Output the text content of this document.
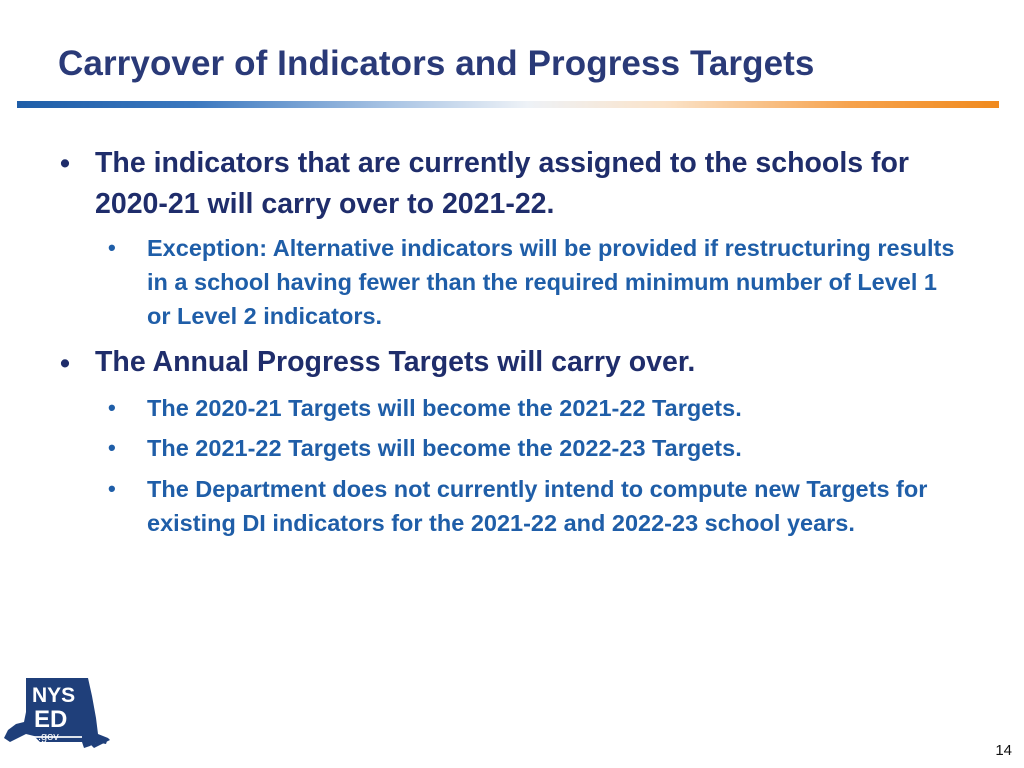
Carryover of Indicators and Progress Targets
• The indicators that are currently assigned to the schools for 2020-21 will carry over to 2021-22.

• Exception: Alternative indicators will be provided if restructuring results in a school having fewer than the required minimum number of Level 1 or Level 2 indicators.

• The Annual Progress Targets will carry over.

• The 2020-21 Targets will become the 2021-22 Targets.

• The 2021-22 Targets will become the 2022-23 Targets.

• The Department does not currently intend to compute new Targets for existing DI indicators for the 2021-22 and 2022-23 school years.

NYS
ED
.gov
14
